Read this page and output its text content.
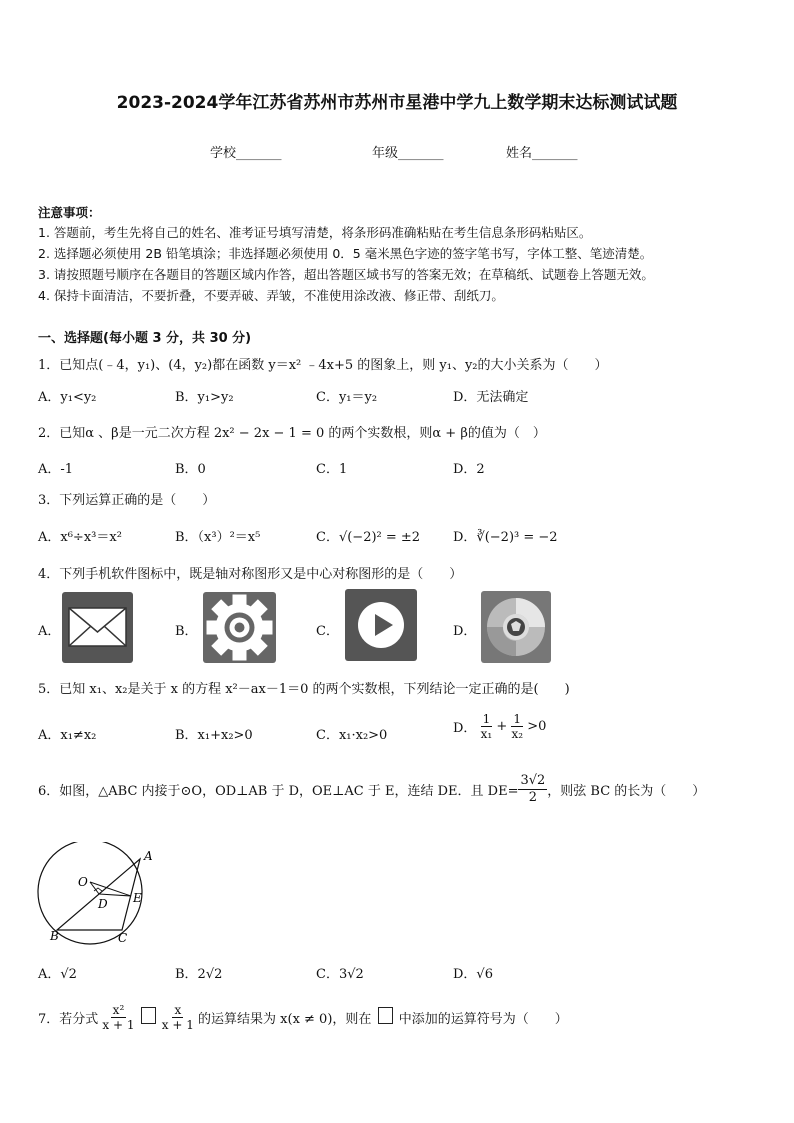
2023-2024学年江苏省苏州市苏州市星港中学九上数学期末达标测试试题
学校_______	年级_______	姓名_______
注意事项：
1. 答题前，考生先将自己的姓名、准考证号填写清楚，将条形码准确粘贴在考生信息条形码粘贴区。
2. 选择题必须使用 2B 铅笔填涂；非选择题必须使用 0．5 毫米黑色字迹的签字笔书写，字体工整、笔迹清楚。
3. 请按照题号顺序在各题目的答题区域内作答，超出答题区域书写的答案无效；在草稿纸、试题卷上答题无效。
4. 保持卡面清洁，不要折叠，不要弄破、弄皱，不准使用涂改液、修正带、刮纸刀。
一、选择题(每小题 3 分，共 30 分)
1．已知点(﹣4，y₁)、(4，y₂)都在函数 y＝x² ﹣4x+5 的图象上，则 y₁、y₂的大小关系为（　　）
A．y₁<y₂	B．y₁>y₂	C．y₁＝y₂	D．无法确定
2．已知α 、β是一元二次方程 2x² − 2x − 1 = 0 的两个实数根，则α + β的值为（　）
A．-1	B．0	C．1	D．2
3．下列运算正确的是（　　）
A．x⁶÷x³＝x²	B．（x³）²＝x⁵	C．√(−2)² = ±2	D．∛(−2)³ = −2
4．下列手机软件图标中，既是轴对称图形又是中心对称图形的是（　　）
A．	B．	C．	D．
5．已知 x₁、x₂是关于 x 的方程 x²－ax－1＝0 的两个实数根，下列结论一定正确的是(　　)
A．x₁≠x₂	B．x₁+x₂>0	C．x₁·x₂>0	D． $\frac{1}{\text{x₁}} + \frac{1}{\text{x₂}} >0$
6．如图，△ABC 内接于⊙O，OD⊥AB 于 D，OE⊥AC 于 E，连结 DE．且 $DE= \frac{3√2}{2}$ ，则弦 BC 的长为（　　）
A
O
D E
B	C
A．√2	B．2√2	C．3√2	D．√6
7．若分式 $\frac{\text{x²}}{x + 1}$
$\frac{x}{x + 1}$ 的运算结果为 x(x ≠ 0)，则在 中添加的运算符号为（　　）
